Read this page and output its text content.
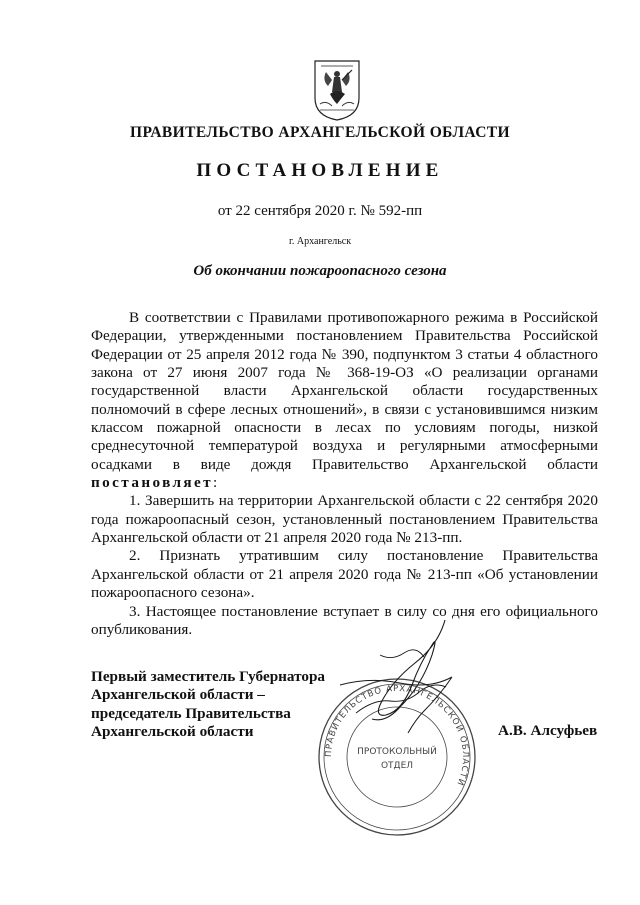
ПРАВИТЕЛЬСТВО АРХАНГЕЛЬСКОЙ ОБЛАСТИ
ПОСТАНОВЛЕНИЕ
от 22 сентября 2020 г. № 592-пп
г. Архангельск
Об окончании пожароопасного сезона

В соответствии с Правилами противопожарного режима в Российской Федерации, утвержденными постановлением Правительства Российской Федерации от 25 апреля 2012 года № 390, подпунктом 3 статьи 4 областного закона от 27 июня 2007 года № 368-19-ОЗ «О реализации органами государственной власти Архангельской области государственных полномочий в сфере лесных отношений», в связи с установившимся низким классом пожарной опасности в лесах по условиям погоды, низкой среднесуточной температурой воздуха и регулярными атмосферными осадками в виде дождя Правительство Архангельской области постановляет:

1. Завершить на территории Архангельской области с 22 сентября 2020 года пожароопасный сезон, установленный постановлением Правительства Архангельской области от 21 апреля 2020 года № 213-пп.

2. Признать утратившим силу постановление Правительства Архангельской области от 21 апреля 2020 года № 213-пп «Об установлении пожароопасного сезона».

3. Настоящее постановление вступает в силу со дня его официального опубликования.

ПРАВИТЕЛЬСТВО АРХАНГЕЛЬСКОЙ ОБЛАСТИ
ПРОТОКОЛЬНЫЙ
ОТДЕЛ
Первый заместитель Губернатора
Архангельской области –
председатель Правительства
Архангельской области	А.В. Алсуфьев
